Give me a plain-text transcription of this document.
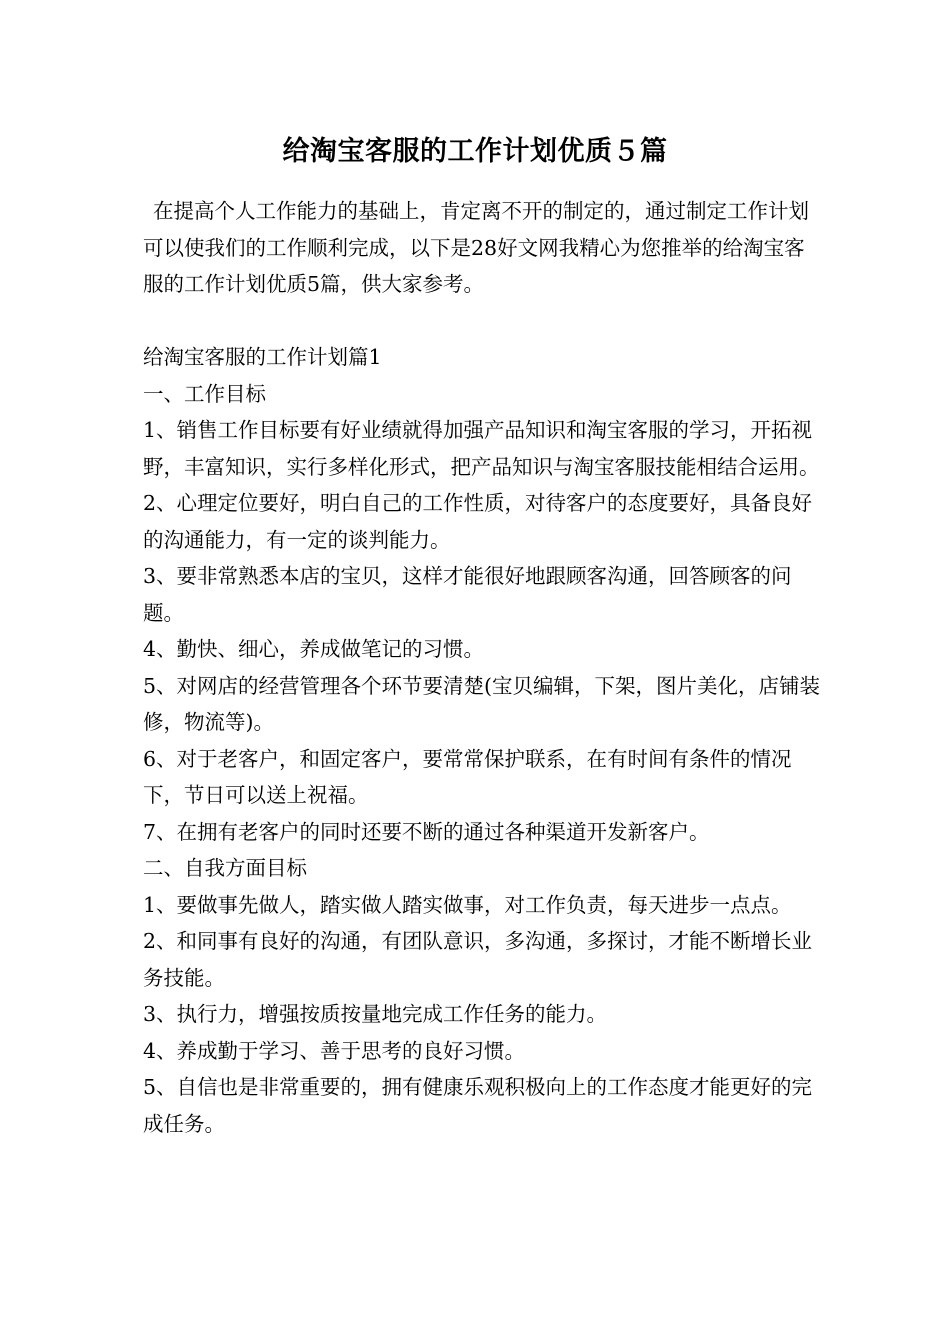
给淘宝客服的工作计划优质５篇

在提高个人工作能力的基础上，肯定离不开的制定的，通过制定工作计划可以使我们的工作顺利完成，以下是28好文网我精心为您推举的给淘宝客服的工作计划优质5篇，供大家参考。

给淘宝客服的工作计划篇1

一、工作目标

1、销售工作目标要有好业绩就得加强产品知识和淘宝客服的学习，开拓视野，丰富知识，实行多样化形式，把产品知识与淘宝客服技能相结合运用。

2、心理定位要好，明白自己的工作性质，对待客户的态度要好，具备良好的沟通能力，有一定的谈判能力。

3、要非常熟悉本店的宝贝，这样才能很好地跟顾客沟通，回答顾客的问题。

4、勤快、细心，养成做笔记的习惯。

5、对网店的经营管理各个环节要清楚(宝贝编辑，下架，图片美化，店铺装修，物流等)。

6、对于老客户，和固定客户，要常常保护联系，在有时间有条件的情况下，节日可以送上祝福。

7、在拥有老客户的同时还要不断的通过各种渠道开发新客户。

二、自我方面目标

1、要做事先做人，踏实做人踏实做事，对工作负责，每天进步一点点。

2、和同事有良好的沟通，有团队意识，多沟通，多探讨，才能不断增长业务技能。

3、执行力，增强按质按量地完成工作任务的能力。

4、养成勤于学习、善于思考的良好习惯。

5、自信也是非常重要的，拥有健康乐观积极向上的工作态度才能更好的完成任务。
